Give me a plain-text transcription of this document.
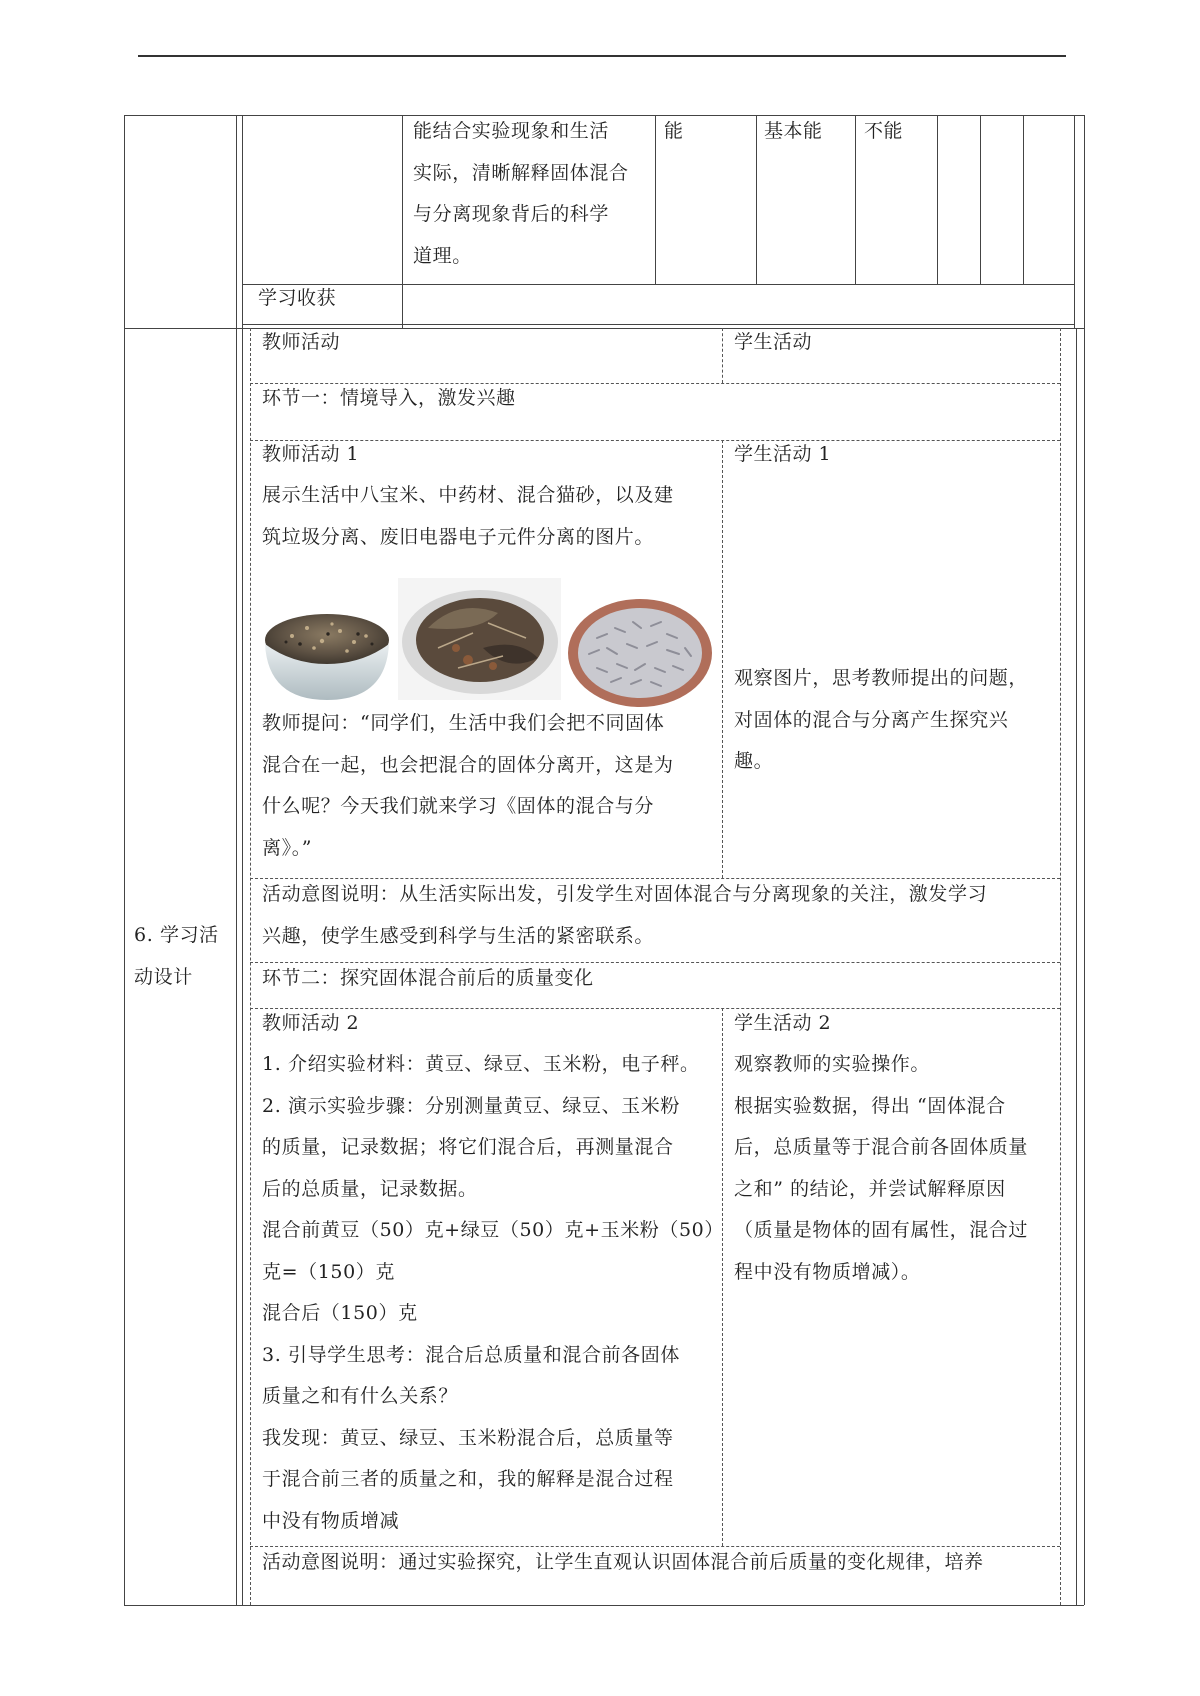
能结合实验现象和生活
实际，清晰解释固体混合
与分离现象背后的科学
道理。
能	基本能 不能
学习收获
6. 学习活
动设计
教师活动	学生活动
环节一：情境导入，激发兴趣
教师活动 1
展示生活中八宝米、中药材、混合猫砂，以及建
筑垃圾分离、废旧电器电子元件分离的图片。
教师提问：“同学们，生活中我们会把不同固体
混合在一起，也会把混合的固体分离开，这是为
什么呢？今天我们就来学习《固体的混合与分
离》。”
学生活动 1
观察图片，思考教师提出的问题，
对固体的混合与分离产生探究兴
趣。
活动意图说明：从生活实际出发，引发学生对固体混合与分离现象的关注，激发学习
兴趣，使学生感受到科学与生活的紧密联系。
环节二：探究固体混合前后的质量变化
教师活动 2
1. 介绍实验材料：黄豆、绿豆、玉米粉，电子秤。
2. 演示实验步骤：分别测量黄豆、绿豆、玉米粉
的质量，记录数据；将它们混合后，再测量混合
后的总质量，记录数据。
混合前黄豆（50）克+绿豆（50）克+玉米粉（50）
克=（150）克
混合后（150）克
3. 引导学生思考：混合后总质量和混合前各固体
质量之和有什么关系？
我发现：黄豆、绿豆、玉米粉混合后，总质量等
于混合前三者的质量之和，我的解释是混合过程
中没有物质增减
学生活动 2
观察教师的实验操作。
根据实验数据，得出 “固体混合
后，总质量等于混合前各固体质量
之和” 的结论，并尝试解释原因
（质量是物体的固有属性，混合过
程中没有物质增减）。
活动意图说明：通过实验探究，让学生直观认识固体混合前后质量的变化规律，培养
